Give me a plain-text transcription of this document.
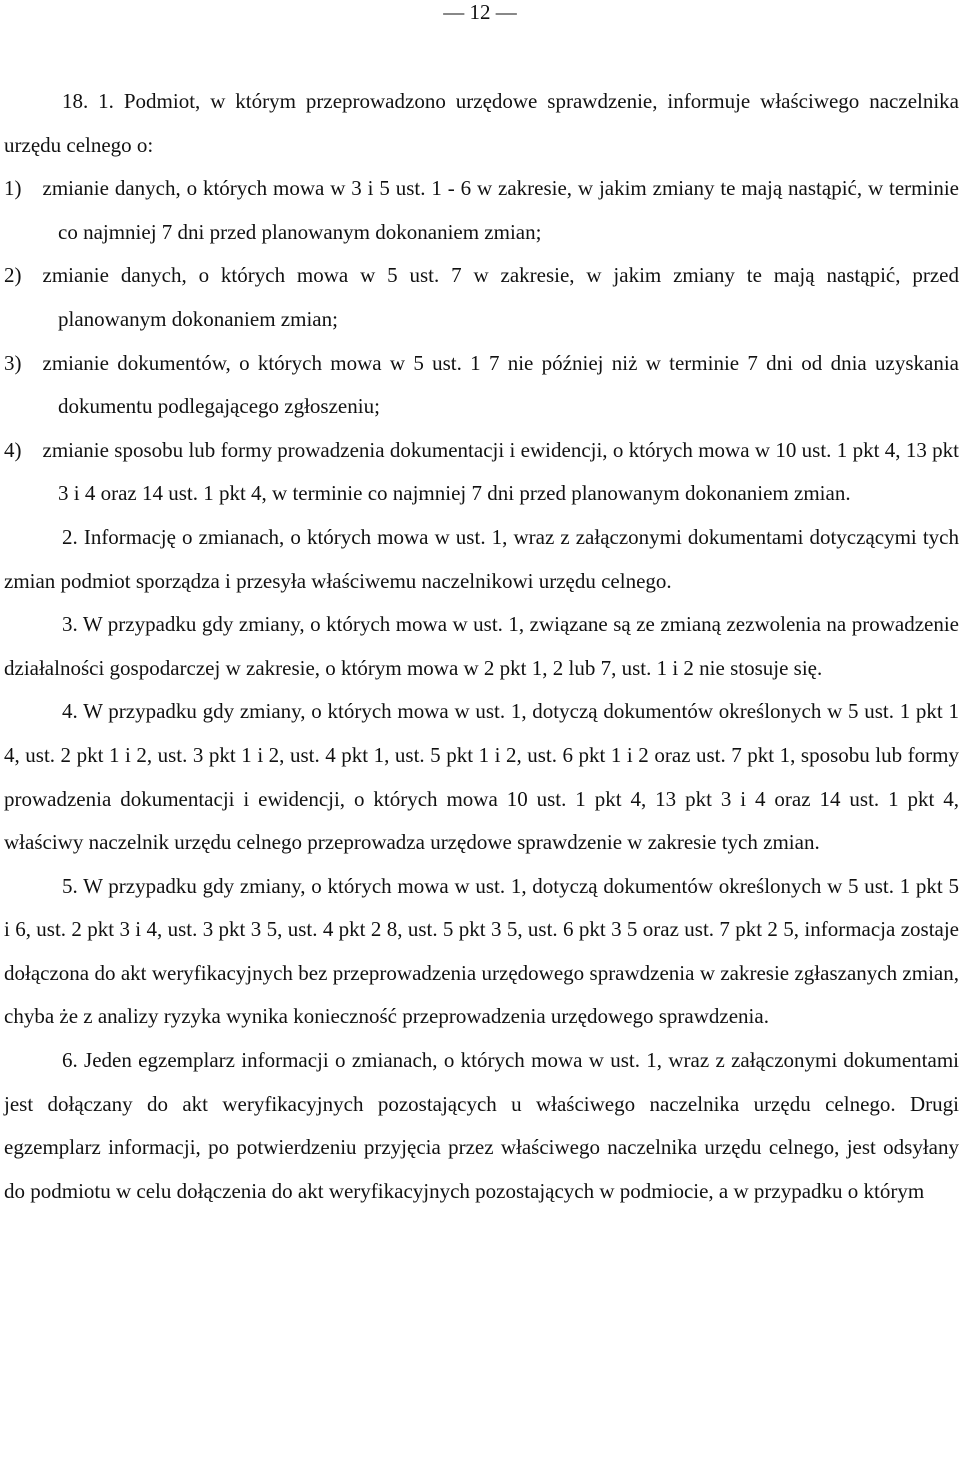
— 12 —

18. 1. Podmiot, w którym przeprowadzono urzędowe sprawdzenie, informuje właściwego naczelnika urzędu celnego o:

1) zmianie danych, o których mowa w 3 i 5 ust. 1 - 6 w zakresie, w jakim zmiany te mają nastąpić, w terminie co najmniej 7 dni przed planowanym dokonaniem zmian;

2) zmianie danych, o których mowa w 5 ust. 7 w zakresie, w jakim zmiany te mają nastąpić, przed planowanym dokonaniem zmian;

3) zmianie dokumentów, o których mowa w 5 ust. 1 7 nie później niż w terminie 7 dni od dnia uzyskania dokumentu podlegającego zgłoszeniu;

4) zmianie sposobu lub formy prowadzenia dokumentacji i ewidencji, o których mowa w 10 ust. 1 pkt 4, 13 pkt 3 i 4 oraz 14 ust. 1 pkt 4, w terminie co najmniej 7 dni przed planowanym dokonaniem zmian.

2. Informację o zmianach, o których mowa w ust. 1, wraz z załączonymi dokumentami dotyczącymi tych zmian podmiot sporządza i przesyła właściwemu naczelnikowi urzędu celnego.

3. W przypadku gdy zmiany, o których mowa w ust. 1, związane są ze zmianą zezwolenia na prowadzenie działalności gospodarczej w zakresie, o którym mowa w 2 pkt 1, 2 lub 7, ust. 1 i 2 nie stosuje się.

4. W przypadku gdy zmiany, o których mowa w ust. 1, dotyczą dokumentów określonych w 5 ust. 1 pkt 1 4, ust. 2 pkt 1 i 2, ust. 3 pkt 1 i 2, ust. 4 pkt 1, ust. 5 pkt 1 i 2, ust. 6 pkt 1 i 2 oraz ust. 7 pkt 1, sposobu lub formy prowadzenia dokumentacji i ewidencji, o których mowa 10 ust. 1 pkt 4, 13 pkt 3 i 4 oraz 14 ust. 1 pkt 4, właściwy naczelnik urzędu celnego przeprowadza urzędowe sprawdzenie w zakresie tych zmian.

5. W przypadku gdy zmiany, o których mowa w ust. 1, dotyczą dokumentów określonych w 5 ust. 1 pkt 5 i 6, ust. 2 pkt 3 i 4, ust. 3 pkt 3 5, ust. 4 pkt 2 8, ust. 5 pkt 3 5, ust. 6 pkt 3 5 oraz ust. 7 pkt 2 5, informacja zostaje dołączona do akt weryfikacyjnych bez przeprowadzenia urzędowego sprawdzenia w zakresie zgłaszanych zmian, chyba że z analizy ryzyka wynika konieczność przeprowadzenia urzędowego sprawdzenia.

6. Jeden egzemplarz informacji o zmianach, o których mowa w ust. 1, wraz z załączonymi dokumentami jest dołączany do akt weryfikacyjnych pozostających u właściwego naczelnika urzędu celnego. Drugi egzemplarz informacji, po potwierdzeniu przyjęcia przez właściwego naczelnika urzędu celnego, jest odsyłany do podmiotu w celu dołączenia do akt weryfikacyjnych pozostających w podmiocie, a w przypadku o którym
